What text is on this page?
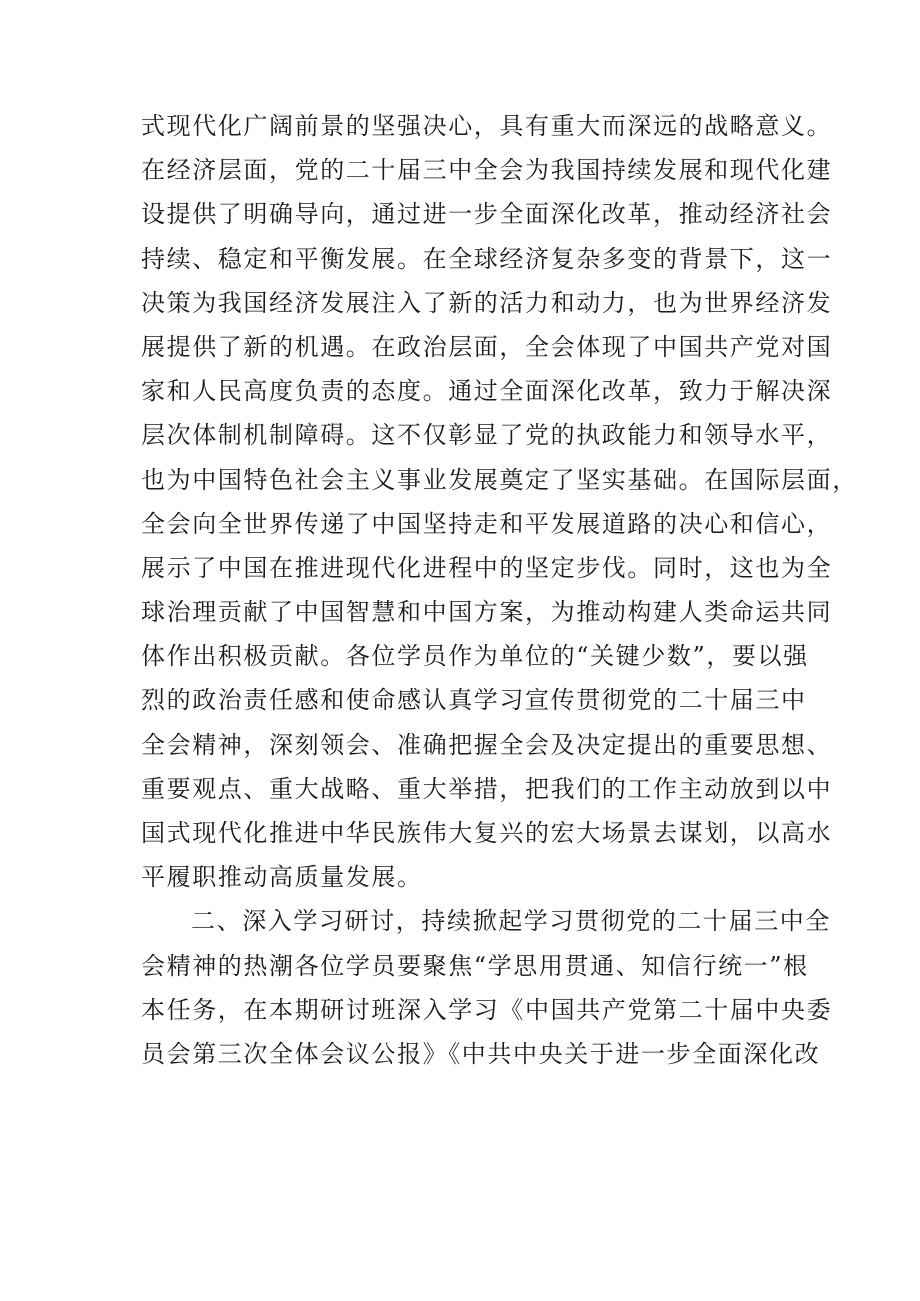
式现代化广阔前景的坚强决心，具有重大而深远的战略意义。
在经济层面，党的二十届三中全会为我国持续发展和现代化建
设提供了明确导向，通过进一步全面深化改革，推动经济社会
持续、稳定和平衡发展。在全球经济复杂多变的背景下，这一
决策为我国经济发展注入了新的活力和动力，也为世界经济发
展提供了新的机遇。在政治层面，全会体现了中国共产党对国
家和人民高度负责的态度。通过全面深化改革，致力于解决深
层次体制机制障碍。这不仅彰显了党的执政能力和领导水平，
也为中国特色社会主义事业发展奠定了坚实基础。在国际层面，
全会向全世界传递了中国坚持走和平发展道路的决心和信心，
展示了中国在推进现代化进程中的坚定步伐。同时，这也为全
球治理贡献了中国智慧和中国方案，为推动构建人类命运共同
体作出积极贡献。各位学员作为单位的“关键少数”，要以强
烈的政治责任感和使命感认真学习宣传贯彻党的二十届三中
全会精神，深刻领会、准确把握全会及决定提出的重要思想、
重要观点、重大战略、重大举措，把我们的工作主动放到以中
国式现代化推进中华民族伟大复兴的宏大场景去谋划，以高水
平履职推动高质量发展。
二、深入学习研讨，持续掀起学习贯彻党的二十届三中全
会精神的热潮各位学员要聚焦“学思用贯通、知信行统一”根
本任务，在本期研讨班深入学习《中国共产党第二十届中央委
员会第三次全体会议公报》《中共中央关于进一步全面深化改
